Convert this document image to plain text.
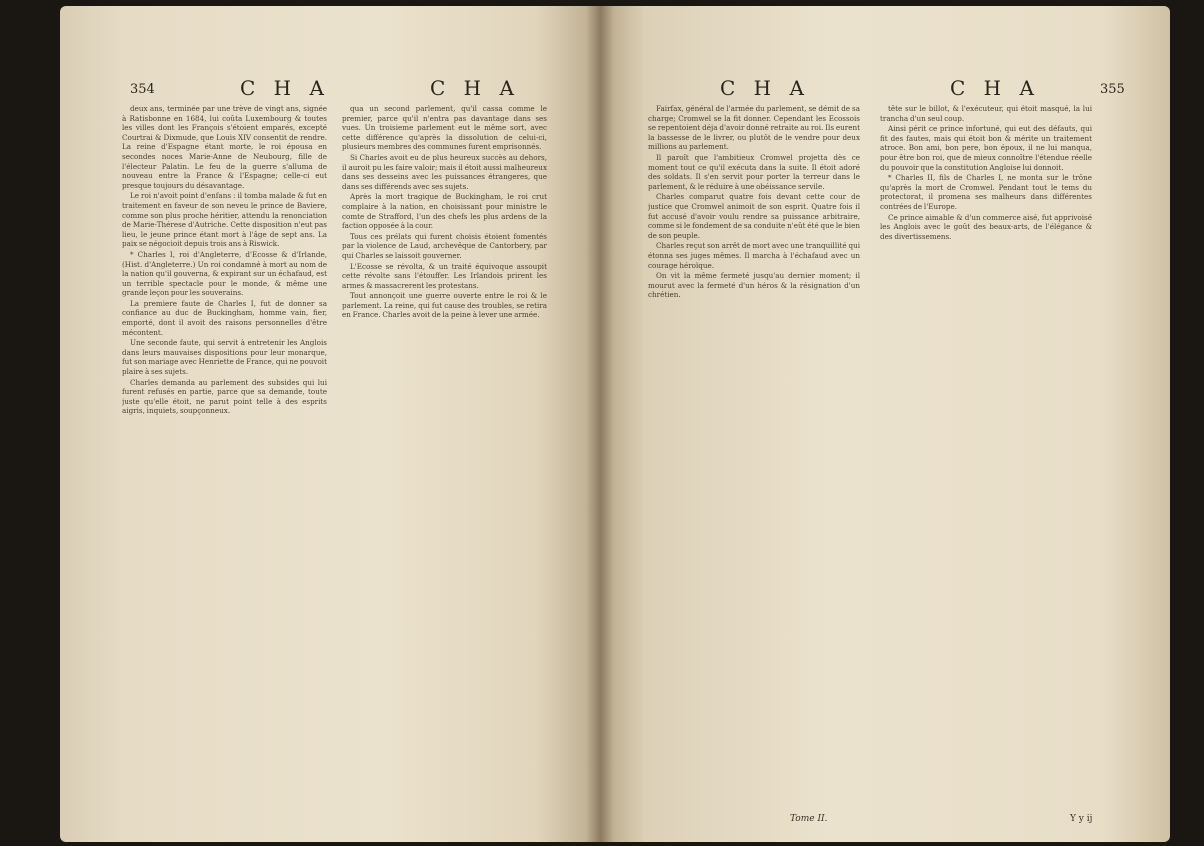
354	C H A	C H A

deux ans, terminée par une trève de vingt ans, signée à Ratisbonne en 1684, lui coûta Luxembourg & toutes les villes dont les François s'étoient emparés, excepté Courtrai & Dixmude, que Louis XIV consentit de rendre. La reine d'Espagne étant morte, le roi épousa en secondes noces Marie-Anne de Neubourg, fille de l'électeur Palatin. Le feu de la guerre s'alluma de nouveau entre la France & l'Espagne; celle-ci eut presque toujours du désavantage.

Le roi n'avoit point d'enfans : il tomba malade & fut en traitement en faveur de son neveu le prince de Baviere, comme son plus proche héritier, attendu la renonciation de Marie-Thérese d'Autriche. Cette disposition n'eut pas lieu, le jeune prince étant mort à l'âge de sept ans. La paix se négocioit depuis trois ans à Riswick.

* Charles I, roi d'Angleterre, d'Ecosse & d'Irlande, (Hist. d'Angleterre.) Un roi condamné à mort au nom de la nation qu'il gouverna, & expirant sur un échafaud, est un terrible spectacle pour le monde, & même une grande leçon pour les souverains.

La premiere faute de Charles I, fut de donner sa confiance au duc de Buckingham, homme vain, fier, emporté, dont il avoit des raisons personnelles d'être mécontent.

Une seconde faute, qui servit à entretenir les Anglois dans leurs mauvaises dispositions pour leur monarque, fut son mariage avec Henriette de France, qui ne pouvoit plaire à ses sujets.

Charles demanda au parlement des subsides qui lui furent refusés en partie, parce que sa demande, toute juste qu'elle étoit, ne parut point telle à des esprits aigris, inquiets, soupçonneux.

qua un second parlement, qu'il cassa comme le premier, parce qu'il n'entra pas davantage dans ses vues. Un troisieme parlement eut le même sort, avec cette différence qu'après la dissolution de celui-ci, plusieurs membres des communes furent emprisonnés.

Si Charles avoit eu de plus heureux succès au dehors, il auroit pu les faire valoir; mais il étoit aussi malheureux dans ses desseins avec les puissances étrangeres, que dans ses différends avec ses sujets.

Après la mort tragique de Buckingham, le roi crut complaire à la nation, en choisissant pour ministre le comte de Strafford, l'un des chefs les plus ardens de la faction opposée à la cour.

Tous ces prélats qui furent choisis étoient fomentés par la violence de Laud, archevêque de Cantorbery, par qui Charles se laissoit gouverner.

L'Ecosse se révolta, & un traité équivoque assoupit cette révolte sans l'étouffer. Les Irlandois prirent les armes & massacrerent les protestans.

Tout annonçoit une guerre ouverte entre le roi & le parlement. La reine, qui fut cause des troubles, se retira en France. Charles avoit de la peine à lever une armée.

C H A	C H A	355

Fairfax, général de l'armée du parlement, se démit de sa charge; Cromwel se la fit donner. Cependant les Ecossois se repentoient déja d'avoir donné retraite au roi. Ils eurent la bassesse de le livrer, ou plutôt de le vendre pour deux millions au parlement.

Il paroît que l'ambitieux Cromwel projetta dès ce moment tout ce qu'il exécuta dans la suite. Il étoit adoré des soldats. Il s'en servit pour porter la terreur dans le parlement, & le réduire à une obéissance servile.

Charles comparut quatre fois devant cette cour de justice que Cromwel animoit de son esprit. Quatre fois il fut accusé d'avoir voulu rendre sa puissance arbitraire, comme si le fondement de sa conduite n'eût été que le bien de son peuple.

Charles reçut son arrêt de mort avec une tranquillité qui étonna ses juges mêmes. Il marcha à l'échafaud avec un courage héroïque.

On vit la même fermeté jusqu'au dernier moment; il mourut avec la fermeté d'un héros & la résignation d'un chrétien.

tête sur le billot, & l'exécuteur, qui étoit masqué, la lui trancha d'un seul coup.

Ainsi périt ce prince infortuné, qui eut des défauts, qui fit des fautes, mais qui étoit bon & mérite un traitement atroce. Bon ami, bon pere, bon époux, il ne lui manqua, pour être bon roi, que de mieux connoître l'étendue réelle du pouvoir que la constitution Angloise lui donnoit.

* Charles II, fils de Charles I, ne monta sur le trône qu'après la mort de Cromwel. Pendant tout le tems du protectorat, il promena ses malheurs dans différentes contrées de l'Europe.

Ce prince aimable & d'un commerce aisé, fut apprivoisé les Anglois avec le goût des beaux-arts, de l'élégance & des divertissemens.

Tome II.	Y y ij
